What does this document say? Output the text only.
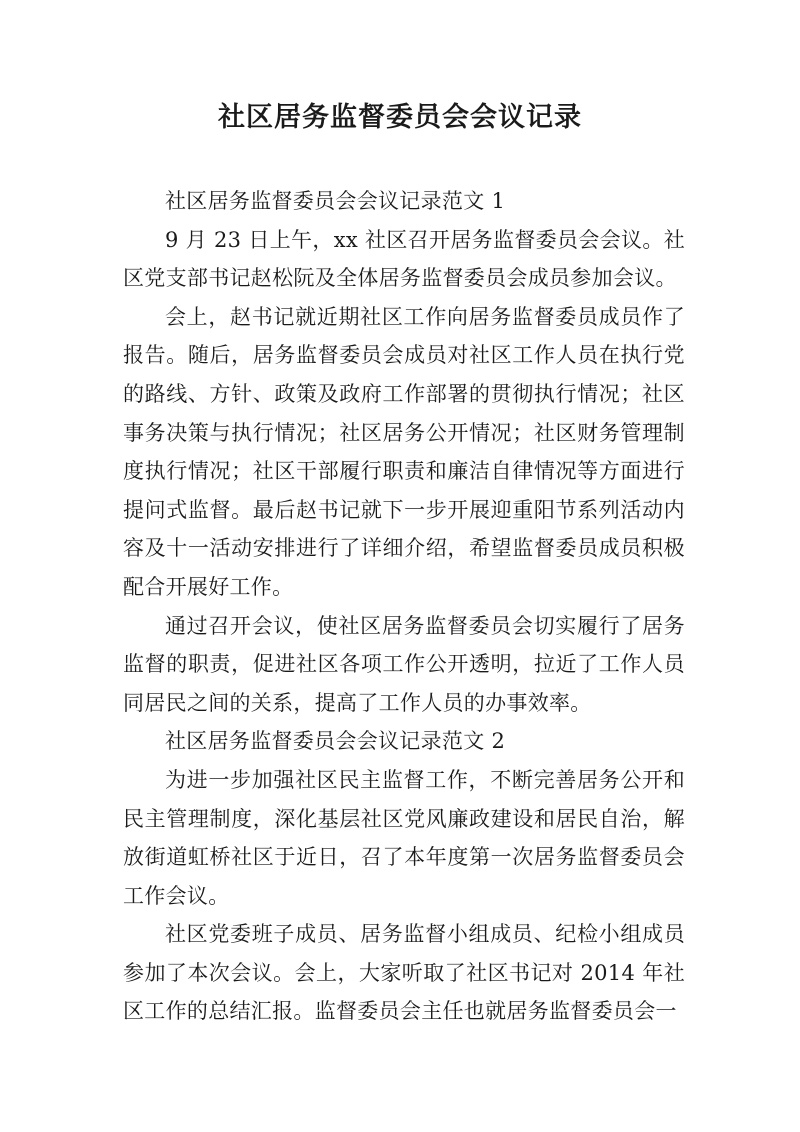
社区居务监督委员会会议记录

社区居务监督委员会会议记录范文 1

9 月 23 日上午，xx 社区召开居务监督委员会会议。社区党支部书记赵松阮及全体居务监督委员会成员参加会议。

会上，赵书记就近期社区工作向居务监督委员成员作了报告。随后，居务监督委员会成员对社区工作人员在执行党的路线、方针、政策及政府工作部署的贯彻执行情况；社区事务决策与执行情况；社区居务公开情况；社区财务管理制度执行情况；社区干部履行职责和廉洁自律情况等方面进行提问式监督。最后赵书记就下一步开展迎重阳节系列活动内容及十一活动安排进行了详细介绍，希望监督委员成员积极配合开展好工作。

通过召开会议，使社区居务监督委员会切实履行了居务监督的职责，促进社区各项工作公开透明，拉近了工作人员同居民之间的关系，提高了工作人员的办事效率。

社区居务监督委员会会议记录范文 2

为进一步加强社区民主监督工作，不断完善居务公开和民主管理制度，深化基层社区党风廉政建设和居民自治，解放街道虹桥社区于近日，召了本年度第一次居务监督委员会工作会议。

社区党委班子成员、居务监督小组成员、纪检小组成员参加了本次会议。会上，大家听取了社区书记对 2014 年社区工作的总结汇报。监督委员会主任也就居务监督委员会一
